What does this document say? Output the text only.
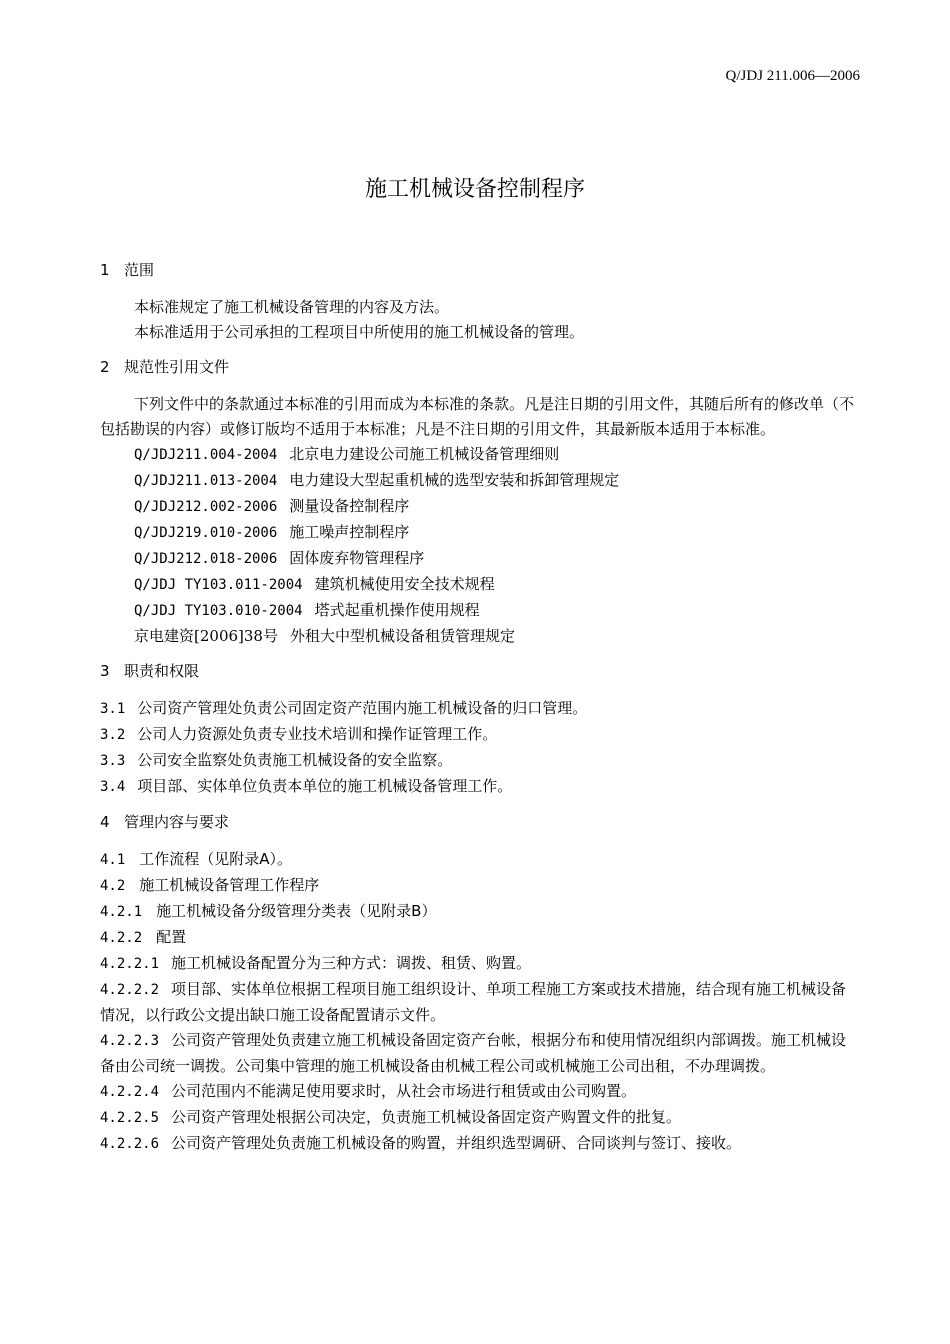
Q/JDJ 211.006—2006
施工机械设备控制程序
1 范围

本标准规定了施工机械设备管理的内容及方法。

本标准适用于公司承担的工程项目中所使用的施工机械设备的管理。

2 规范性引用文件

下列文件中的条款通过本标准的引用而成为本标准的条款。凡是注日期的引用文件，其随后所有的修改单（不包括勘误的内容）或修订版均不适用于本标准；凡是不注日期的引用文件，其最新版本适用于本标准。

Q/JDJ211.004-2004 北京电力建设公司施工机械设备管理细则
Q/JDJ211.013-2004 电力建设大型起重机械的选型安装和拆卸管理规定
Q/JDJ212.002-2006 测量设备控制程序
Q/JDJ219.010-2006 施工噪声控制程序
Q/JDJ212.018-2006 固体废弃物管理程序
Q/JDJ TY103.011-2004 建筑机械使用安全技术规程
Q/JDJ TY103.010-2004 塔式起重机操作使用规程
京电建资[2006]38号 外租大中型机械设备租赁管理规定
3 职责和权限
3.1 公司资产管理处负责公司固定资产范围内施工机械设备的归口管理。
3.2 公司人力资源处负责专业技术培训和操作证管理工作。
3.3 公司安全监察处负责施工机械设备的安全监察。
3.4 项目部、实体单位负责本单位的施工机械设备管理工作。
4 管理内容与要求
4.1 工作流程（见附录A）。
4.2 施工机械设备管理工作程序
4.2.1 施工机械设备分级管理分类表（见附录B）
4.2.2 配置
4.2.2.1 施工机械设备配置分为三种方式：调拨、租赁、购置。
4.2.2.2 项目部、实体单位根据工程项目施工组织设计、单项工程施工方案或技术措施，结合现有施工机械设备情况，以行政公文提出缺口施工设备配置请示文件。
4.2.2.3 公司资产管理处负责建立施工机械设备固定资产台帐，根据分布和使用情况组织内部调拨。施工机械设备由公司统一调拨。公司集中管理的施工机械设备由机械工程公司或机械施工公司出租，不办理调拨。
4.2.2.4 公司范围内不能满足使用要求时，从社会市场进行租赁或由公司购置。
4.2.2.5 公司资产管理处根据公司决定，负责施工机械设备固定资产购置文件的批复。
4.2.2.6 公司资产管理处负责施工机械设备的购置，并组织选型调研、合同谈判与签订、接收。
